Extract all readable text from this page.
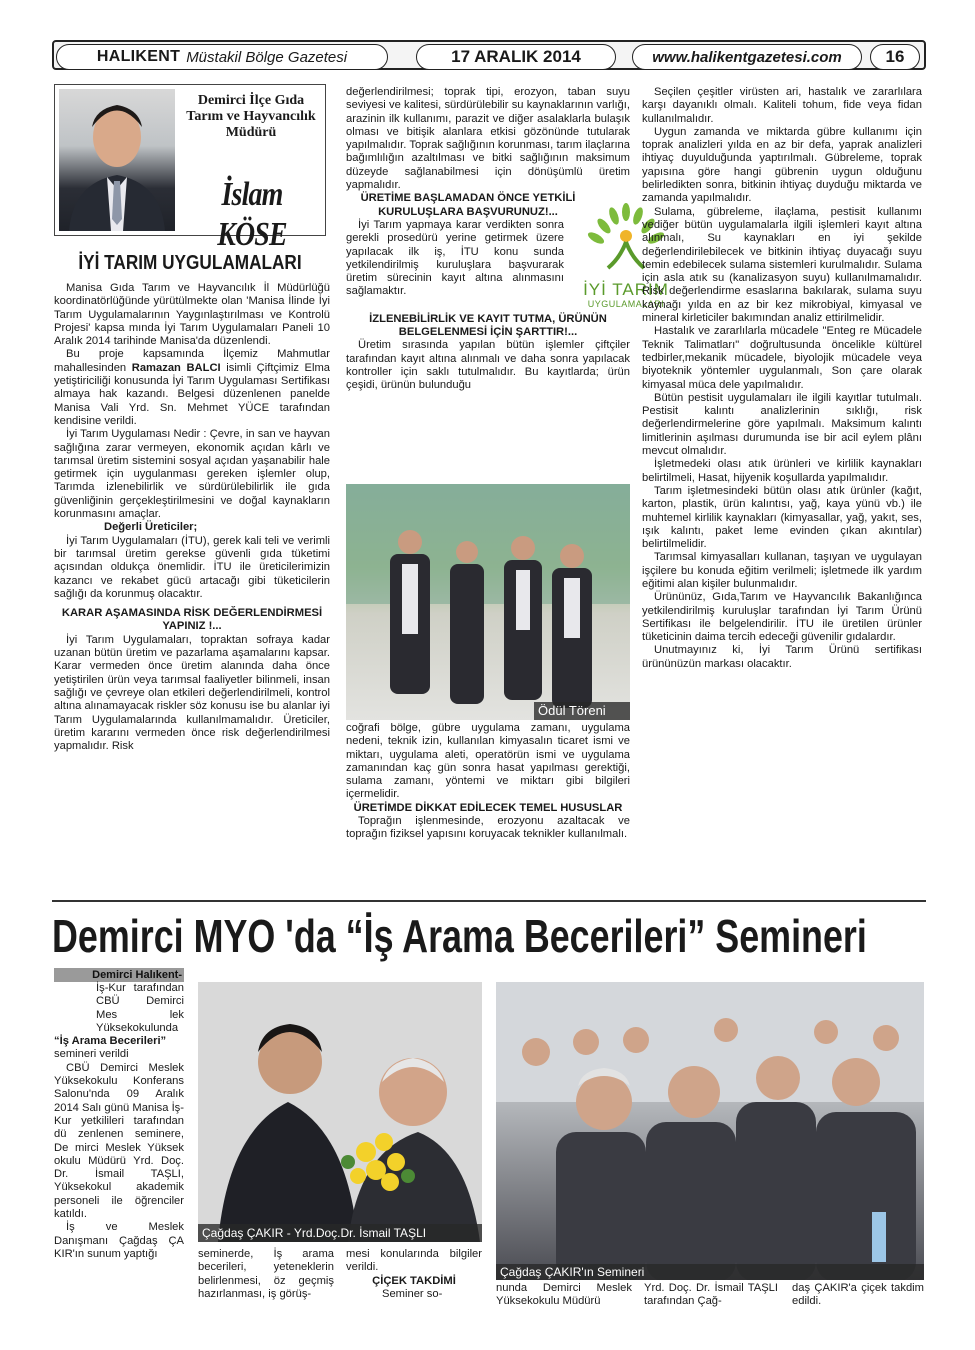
HALIKENT Müstakil Bölge Gazetesi	17 ARALIK 2014	www.halikentgazetesi.com	16
Demirci İlçe Gıda Tarım ve Hayvancılık Müdürü
İslam KÖSE
İYİ TARIM UYGULAMALARI

Manisa Gıda Tarım ve Hayvancılık İl Müdürlüğü koordinatörlüğünde yürütülmekte olan 'Manisa İlinde İyi Tarım Uygulamalarının Yaygınlaştırılması ve Kontrolü Projesi' kapsa mında İyi Tarım Uygulamaları Paneli 10 Aralık 2014 tarihinde Manisa'da düzenlendi.

Bu proje kapsamında İlçemiz Mahmutlar mahallesinden Ramazan BALCI isimli Çiftçimiz Elma yetiştiriciliği konusunda İyi Tarım Uygulaması Sertifikası almaya hak kazandı. Belgesi düzenlenen panelde Manisa Vali Yrd. Sn. Mehmet YÜCE tarafından kendisine verildi.

İyi Tarım Uygulaması Nedir : Çevre, in san ve hayvan sağlığına zarar vermeyen, ekonomik açıdan kârlı ve tarımsal üretim sistemini sosyal açıdan yaşanabilir hale getirmek için uygulanması gereken işlemler olup, Tarımda izlenebilirlik ve sürdürülebilirlik ile gıda güvenliğinin gerçekleştirilmesini ve doğal kaynakların korunmasını amaçlar.

Değerli Üreticiler;

İyi Tarım Uygulamaları (İTU), gerek kali teli ve verimli bir tarımsal üretim gerekse güvenli gıda tüketimi açısından oldukça önemlidir. İTU ile üreticilerimizin kazancı ve rekabet gücü artacağı gibi tüketicilerin sağlığı da korunmuş olacaktır.

KARAR AŞAMASINDA RİSK DEĞERLENDİRMESİ YAPINIZ !...

İyi Tarım Uygulamaları, topraktan sofraya kadar uzanan bütün üretim ve pazarlama aşamalarını kapsar. Karar vermeden önce üretim alanında daha önce yetiştirilen ürün veya tarımsal faaliyetler bilinmeli, insan sağlığı ve çevreye olan etkileri değerlendirilmeli, kontrol altına alınamayacak riskler söz konusu ise bu alanlar iyi Tarım Uygulamalarında kullanılmamalıdır. Üreticiler, üretim kararını vermeden önce risk değerlendirilmesi yapmalıdır. Risk

değerlendirilmesi; toprak tipi, erozyon, taban suyu seviyesi ve kalitesi, sürdürülebilir su kaynaklarının varlığı, arazinin ilk kullanımı, parazit ve diğer asalaklarla bulaşık olması ve bitişik alanlara etkisi gözönünde tutularak yapılmalıdır. Toprak sağlığının korunması, tarım ilaçlarına bağımlılığın azaltılması ve bitki sağlığının maksimum düzeyde sağlanabilmesi için dönüşümlü üretim yapmalıdır.

ÜRETİME BAŞLAMADAN ÖNCE YETKİLİ KURULUŞLARA BAŞVURUNUZ!...

İyi Tarım yapmaya karar verdikten sonra gerekli prosedürü yerine getirmek üzere yapılacak ilk iş, İTU konu sunda yetkilendirilmiş kuruluşlara başvurarak üretim sürecinin kayıt altına alınmasını sağlamaktır.

İZLENEBİLİRLİK VE KAYIT TUTMA, ÜRÜNÜN BELGELENMESİ İÇİN ŞARTTIR!...

Üretim sırasında yapılan bütün işlemler çiftçiler tarafından kayıt altına alınmalı ve daha sonra yapılacak kontroller için saklı tutulmalıdır. Bu kayıtlarda; ürün çeşidi, ürünün bulunduğu

İYİ TARIM
UYGULAMALARI
Ödül Töreni

coğrafi bölge, gübre uygulama zamanı, uygulama nedeni, teknik izin, kullanılan kimyasalın ticaret ismi ve miktarı, uygulama aleti, operatörün ismi ve uygulama zamanından kaç gün sonra hasat yapılması gerektiği, sulama zamanı, yöntemi ve miktarı gibi bilgileri içermelidir.

ÜRETİMDE DİKKAT EDİLECEK TEMEL HUSUSLAR

Toprağın işlenmesinde, erozyonu azaltacak ve toprağın fiziksel yapısını koruyacak teknikler kullanılmalı.

Seçilen çeşitler virüsten ari, hastalık ve zararlılara karşı dayanıklı olmalı. Kaliteli tohum, fide veya fidan kullanılmalıdır.

Uygun zamanda ve miktarda gübre kullanımı için toprak analizleri yılda en az bir defa, yaprak analizleri ihtiyaç duyulduğunda yaptırılmalı. Gübreleme, toprak yapısına göre hangi gübrenin uygun olduğunu belirledikten sonra, bitkinin ihtiyaç duyduğu miktarda ve zamanda yapılmalıdır.

Sulama, gübreleme, ilaçlama, pestisit kullanımı vediğer bütün uygulamalarla ilgili işlemleri kayıt altına alınmalı, Su kaynakları en iyi şekilde değerlendirilebilecek ve bitkinin ihtiyaç duyacağı suyu temin edebilecek sulama sistemleri kurulmalıdır. Sulama için asla atık su (kanalizasyon suyu) kullanılmamalıdır. Risk değerlendirme esaslarına bakılarak, sulama suyu kaynağı yılda en az bir kez mikrobiyal, kimyasal ve mineral kirleticiler bakımından analiz ettirilmelidir.

Hastalık ve zararlılarla mücadele "Enteg re Mücadele Teknik Talimatları" doğrultusunda öncelikle kültürel tedbirler,mekanik mücadele, biyolojik mücadele veya biyoteknik yöntemler uygulanmalı, Son çare olarak kimyasal müca dele yapılmalıdır.

Bütün pestisit uygulamaları ile ilgili kayıtlar tutulmalı. Pestisit kalıntı analizlerinin sıklığı, risk değerlendirmelerine göre yapılmalı. Maksimum kalıntı limitlerinin aşılması durumunda ise bir acil eylem plânı mevcut olmalıdır.

İşletmedeki olası atık ürünleri ve kirlilik kaynakları belirtilmeli, Hasat, hijyenik koşullarda yapılmalıdır.

Tarım işletmesindeki bütün olası atık ürünler (kağıt, karton, plastik, ürün kalıntısı, yağ, kaya yünü vb.) ile muhtemel kirlilik kaynakları (kimyasallar, yağ, yakıt, ses, ışık kalıntı, paket leme evinden çıkan akıntılar) belirtilmelidir.

Tarımsal kimyasalları kullanan, taşıyan ve uygulayan işçilere bu konuda eğitim verilmeli; işletmede ilk yardım eğitimi alan kişiler bulunmalıdır.

Ürününüz, Gıda,Tarım ve Hayvancılık Bakanlığınca yetkilendirilmiş kuruluşlar tarafından İyi Tarım Ürünü Sertifikası ile belgelendirilir. İTU ile üretilen ürünler tüketicinin daima tercih edeceği güvenilir gıdalardır.

Unutmayınız ki, İyi Tarım Ürünü sertifikası ürününüzün markası olacaktır.

Demirci MYO 'da “İş Arama Becerileri” Semineri
Demirci Halıkent-

İş-Kur tarafından CBÜ Demirci Mes lek Yüksekokulunda

“İş Arama Becerileri”

semineri verildi

CBÜ Demirci Meslek Yüksekokulu Konferans Salonu'nda 09 Aralık 2014 Salı günü Manisa İş-Kur yetkilileri tarafından dü zenlenen seminere, De mirci Meslek Yüksek okulu Müdürü Yrd. Doç. Dr. İsmail TAŞLI, Yüksekokul akademik personeli ile öğrenciler katıldı.

İş ve Meslek Danışmanı Çağdaş ÇA KIR'ın sunum yaptığı

Çağdaş ÇAKIR - Yrd.Doç.Dr. İsmail TAŞLI
Çağdaş ÇAKIR'ın Semineri

seminerde, İş arama becerileri, yeteneklerin belirlenmesi, öz geçmiş hazırlanması, iş görüş-

mesi konularında bilgiler verildi.

ÇİÇEK TAKDİMİ

Seminer so-	nunda Demirci Meslek Yüksekokulu Müdürü

Yrd. Doç. Dr. İsmail TAŞLI tarafından Çağ-

daş ÇAKIR'a çiçek takdim edildi.
